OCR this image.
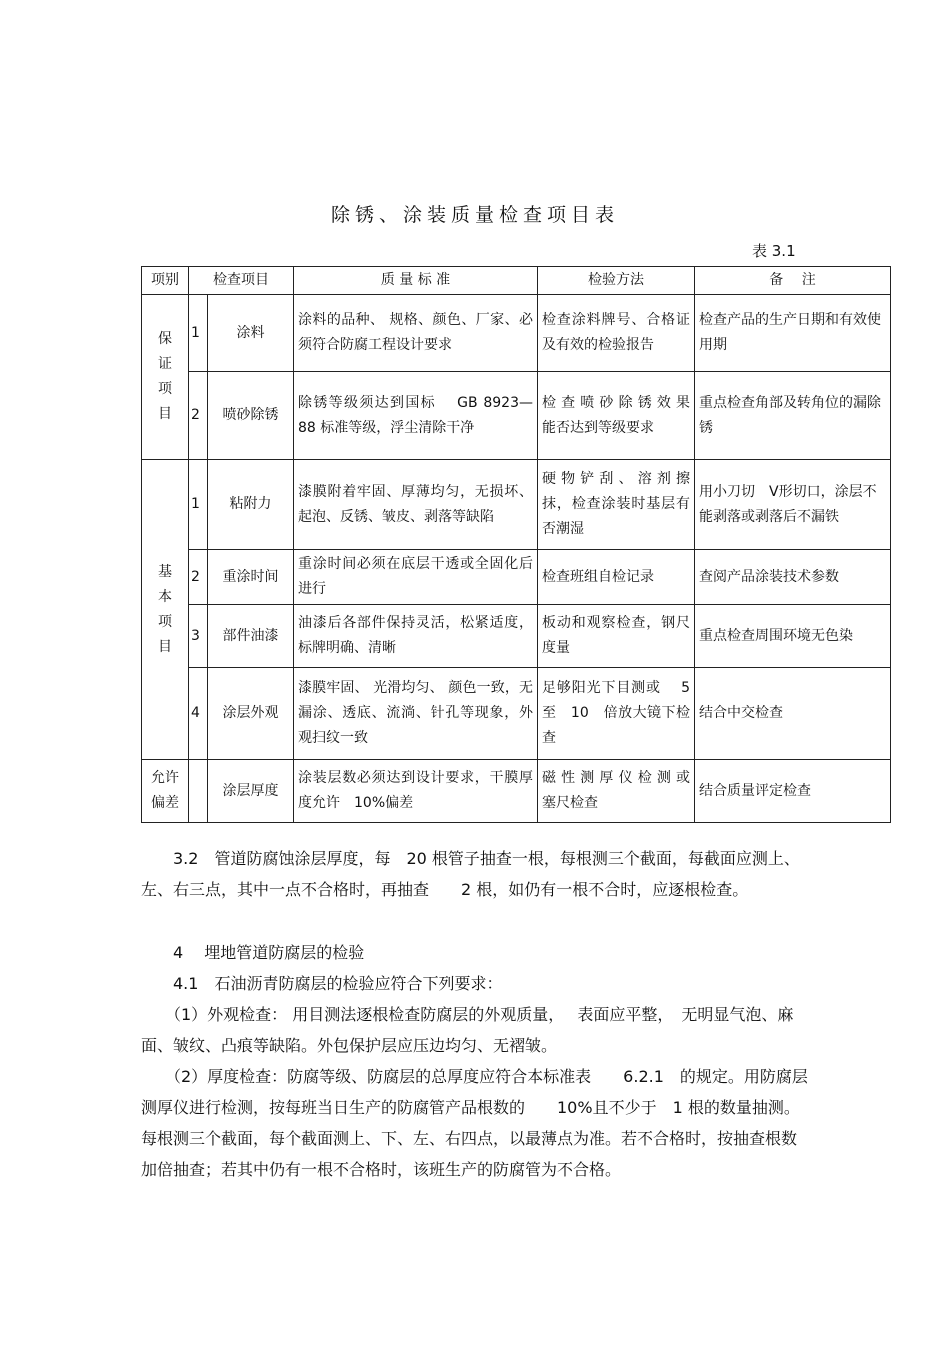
除锈、涂装质量检查项目表
表 3.1
项别	检查项目		质 量 标 准	检验方法	备　 注
保证项目	1	涂料	涂料的品种、 规格、颜色、厂家、必须符合防腐工程设计要求	检查涂料牌号、合格证及有效的检验报告	检查产品的生产日期和有效使用期
	2	喷砂除锈	除锈等级须达到国标　 GB 8923—88 标准等级，浮尘清除干净	检 查 喷 砂 除 锈 效 果 能否达到等级要求	重点检查角部及转角位的漏除锈
基本项目	1	粘附力	漆膜附着牢固、厚薄均匀，无损坏、起泡、反锈、皱皮、剥落等缺陷	硬 物 铲 刮 、 溶 剂 擦 抹，检查涂装时基层有否潮湿	用小刀切　V形切口，涂层不能剥落或剥落后不漏铁
	2	重涂时间	重涂时间必须在底层干透或全固化后进行	检查班组自检记录	查阅产品涂装技术参数
	3	部件油漆	油漆后各部件保持灵活，松紧适度，标牌明确、清晰	板动和观察检查，钢尺度量	重点检查周围环境无色染
	4	涂层外观	漆膜牢固、 光滑均匀、 颜色一致，无漏涂、透底、流淌、针孔等现象，外观扫纹一致	足够阳光下目测或　 5 至　10　倍放大镜下检查	结合中交检查
允许偏差		涂层厚度	涂装层数必须达到设计要求，干膜厚度允许　10%偏差	磁 性 测 厚 仪 检 测 或 塞尺检查	结合质量评定检查
　　3.2　管道防腐蚀涂层厚度，每　20 根管子抽查一根，每根测三个截面，每截面应测上、左、右三点，其中一点不合格时，再抽查　　2 根，如仍有一根不合时，应逐根检查。
　　4　 埋地管道防腐层的检验
　　4.1　石油沥青防腐层的检验应符合下列要求：
　　（1）外观检查： 用目测法逐根检查防腐层的外观质量，　 表面应平整，　无明显气泡、麻面、皱纹、凸痕等缺陷。外包保护层应压边均匀、无褶皱。
　　（2）厚度检查：防腐等级、防腐层的总厚度应符合本标准表　　6.2.1　的规定。用防腐层测厚仪进行检测，按每班当日生产的防腐管产品根数的　　10%且不少于　1 根的数量抽测。每根测三个截面，每个截面测上、下、左、右四点，以最薄点为准。若不合格时，按抽查根数加倍抽查；若其中仍有一根不合格时，该班生产的防腐管为不合格。
